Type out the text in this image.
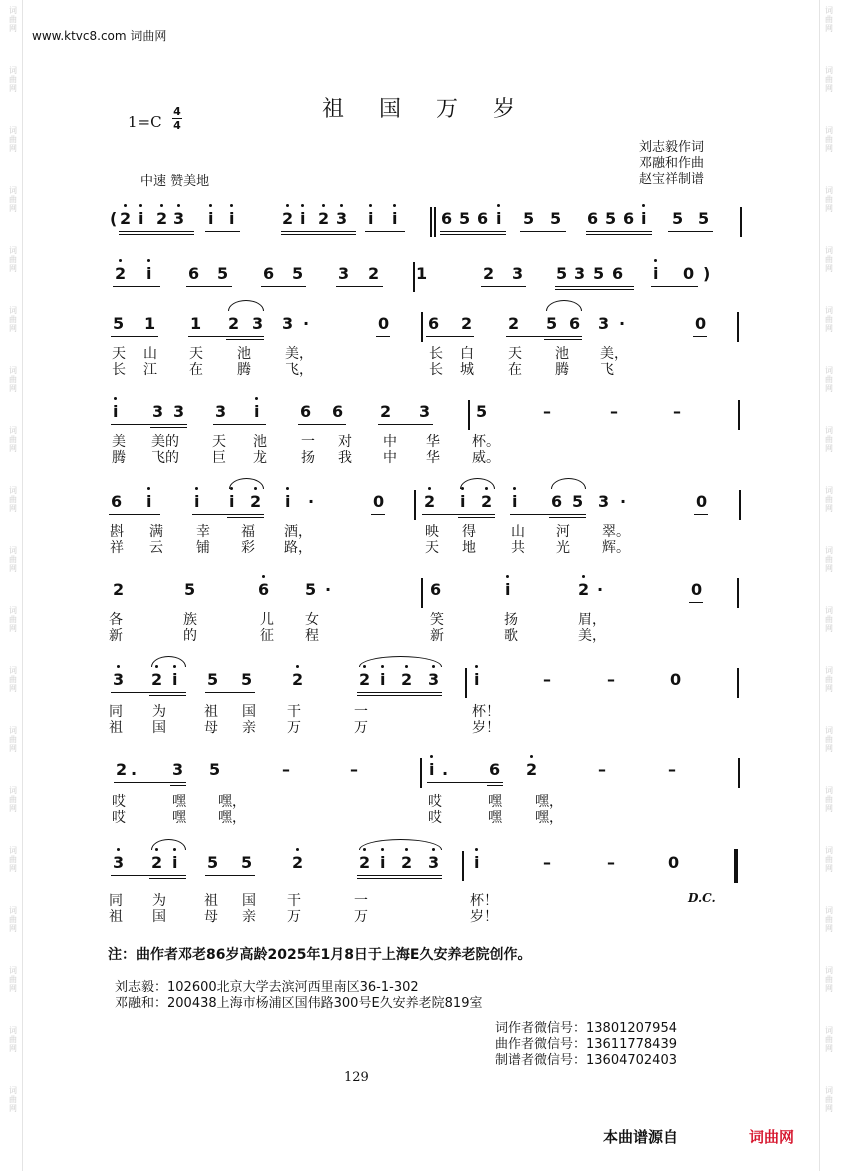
词
曲
网
词
曲
网
词
曲
网
词
曲
网
词
曲
网
词
曲
网
词
曲
网
词
曲
网
词
曲
网
词
曲
网
词
曲
网
词
曲
网
词
曲
网
词
曲
网
词
曲
网
词
曲
网
词
曲
网
词
曲
网
词
曲
网
词
曲
网
词
曲
网
词
曲
网
词
曲
网
词
曲
网
词
曲
网
词
曲
网
词
曲
网
词
曲
网
词
曲
网
词
曲
网
词
曲
网
词
曲
网
词
曲
网
词
曲
网
词
曲
网
词
曲
网
词
曲
网
词
曲
网
www.ktvc8.com 词曲网
祖 国 万 岁
1=C
4
4
刘志毅作词
邓融和作曲
赵宝祥制谱
中速 赞美地
( 2 i 2 3 i i	2 i 2 3 i i	6 5 6 i 5 5 6 5 6 i 5 5
2 i 6 5 6 5 3 2 1	2 3 5 3 5 6 i 0 )
5 1 1 2 3 3 ·	0 6 2 2 5 6 3 ·	0
天 山 天 池 美，	长 白 天 池 美，
长 江 在 腾 飞，	长 城 在 腾 飞
i 3 3 3 i	6 6 2 3	5	–	–	–
美 美的 天 池 一 对 中 华 杯。
腾 飞的 巨 龙 扬 我 中 华 威。
6 i	i i 2 i ·	0 2 i 2 i 6 5 3 ·	0
斟 满 幸 福 酒，	映 得	山 河 翠。
祥 云 铺 彩 路，	天 地	共 光 辉。
2	5	6 5 ·	6	i	2 ·	0
各	族	儿 女	笑	扬	眉，
新	的	征 程	新	歌	美，
3 2 i 5 5 2	2 i 2 3 i	–	–	0
同 为	祖 国 干	一	杯！
祖 国	母 亲 万	万	岁！
2 . 3 5	–	–	i .	6 2	–	–
哎	嘿 嘿，	哎	嘿 嘿，
哎	嘿 嘿，	哎	嘿 嘿，
3 2 i 5 5 2	2 i 2 3 i	–	–	0
同 为	祖 国 干	一	杯！
祖 国	母 亲 万	万	岁！
D.C.
注：曲作者邓老86岁高龄2025年1月8日于上海E久安养老院创作。
刘志毅：102600北京大学去滨河西里南区36-1-302
邓融和：200438上海市杨浦区国伟路300号E久安养老院819室
词作者微信号：13801207954
曲作者微信号：13611778439
制谱者微信号：13604702403
129
本曲谱源自	词曲网
